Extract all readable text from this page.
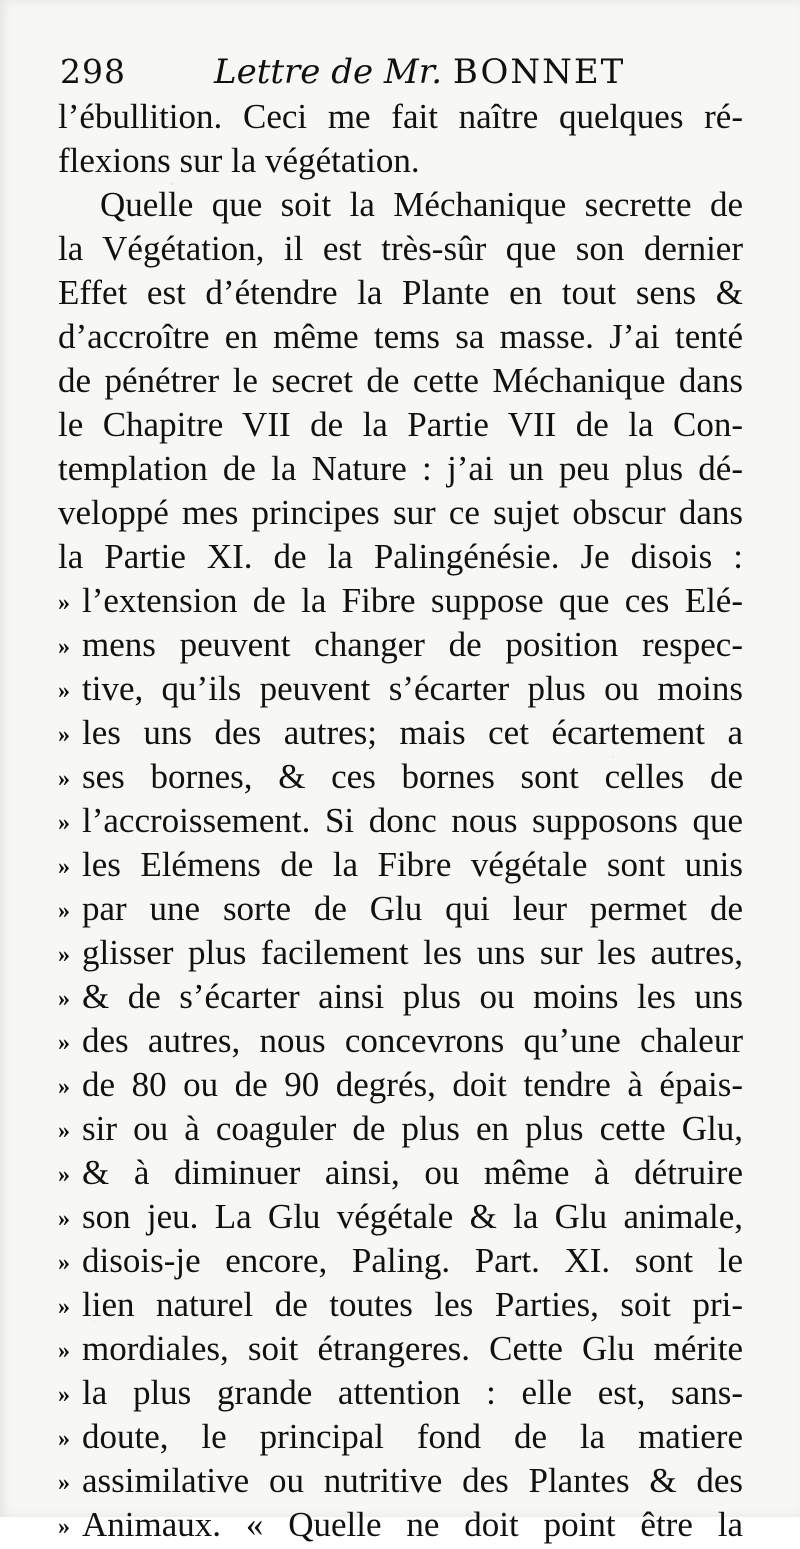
298	Lettre de Mr. BONNET
l’ébullition. Ceci me fait naître quelques ré-
flexions sur la végétation.
Quelle que soit la Méchanique secrette de
la Végétation, il est très-sûr que son dernier
Effet est d’étendre la Plante en tout sens &
d’accroître en même tems sa masse. J’ai tenté
de pénétrer le secret de cette Méchanique dans
le Chapitre VII de la Partie VII de la Con-
templation de la Nature : j’ai un peu plus dé-
veloppé mes principes sur ce sujet obscur dans
la Partie XI. de la Palingénésie. Je disois :
» l’extension de la Fibre suppose que ces Elé-
» mens peuvent changer de position respec-
» tive, qu’ils peuvent s’écarter plus ou moins
» les uns des autres; mais cet écartement a
» ses bornes, & ces bornes sont celles de
» l’accroissement. Si donc nous supposons que
» les Elémens de la Fibre végétale sont unis
» par une sorte de Glu qui leur permet de
» glisser plus facilement les uns sur les autres,
» & de s’écarter ainsi plus ou moins les uns
» des autres, nous concevrons qu’une chaleur
» de 80 ou de 90 degrés, doit tendre à épais-
» sir ou à coaguler de plus en plus cette Glu,
» & à diminuer ainsi, ou même à détruire
» son jeu. La Glu végétale & la Glu animale,
» disois-je encore, Paling. Part. XI. sont le
» lien naturel de toutes les Parties, soit pri-
» mordiales, soit étrangeres. Cette Glu mérite
» la plus grande attention : elle est, sans-
» doute, le principal fond de la matiere
» assimilative ou nutritive des Plantes & des
» Animaux. « Quelle ne doit point être la
